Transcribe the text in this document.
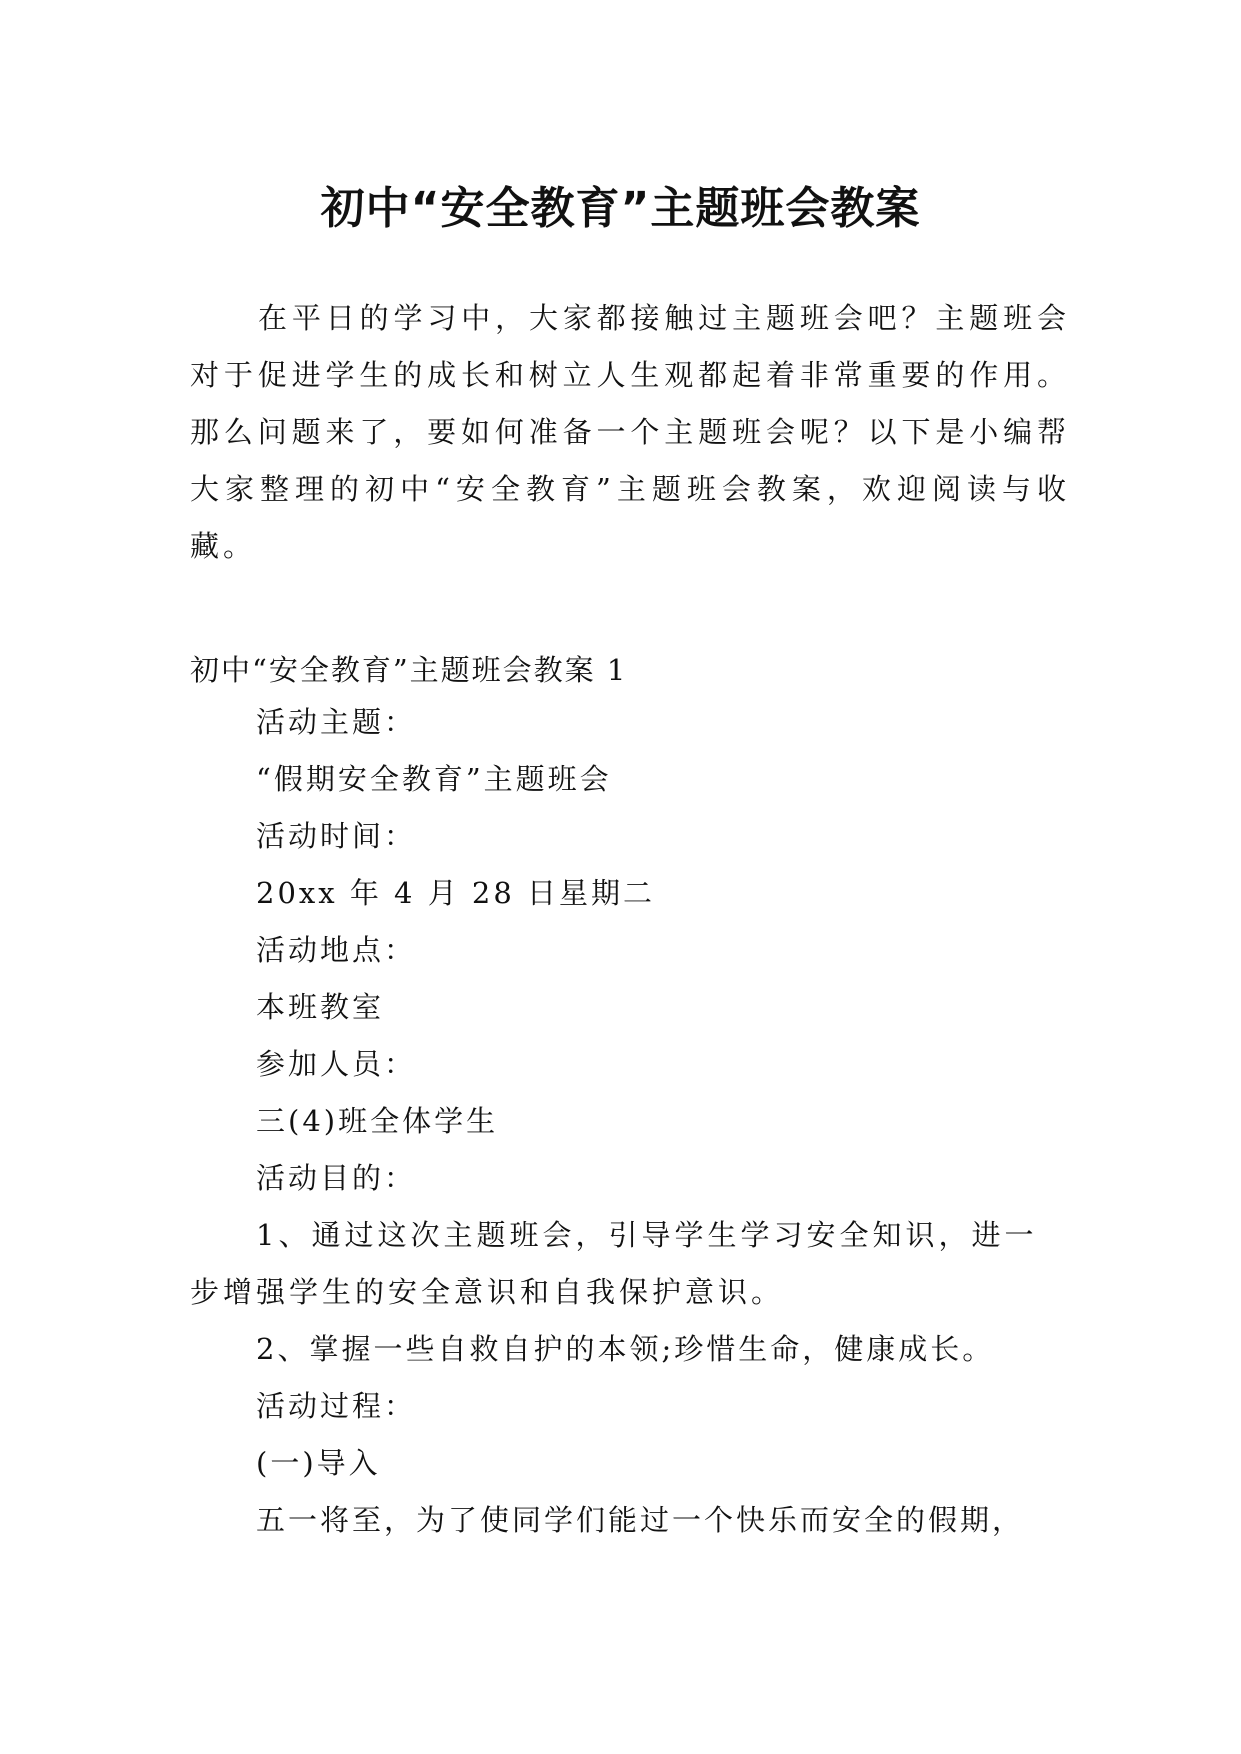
初中“安全教育”主题班会教案

在平日的学习中，大家都接触过主题班会吧？主题班会对于促进学生的成长和树立人生观都起着非常重要的作用。那么问题来了，要如何准备一个主题班会呢？以下是小编帮大家整理的初中“安全教育”主题班会教案，欢迎阅读与收藏。

初中“安全教育”主题班会教案 1

活动主题：

“假期安全教育”主题班会

活动时间：

20xx 年 4 月 28 日星期二

活动地点：

本班教室

参加人员：

三(4)班全体学生

活动目的：

1、通过这次主题班会，引导学生学习安全知识，进一步增强学生的安全意识和自我保护意识。

2、掌握一些自救自护的本领;珍惜生命，健康成长。

活动过程：

(一)导入

五一将至，为了使同学们能过一个快乐而安全的假期，
